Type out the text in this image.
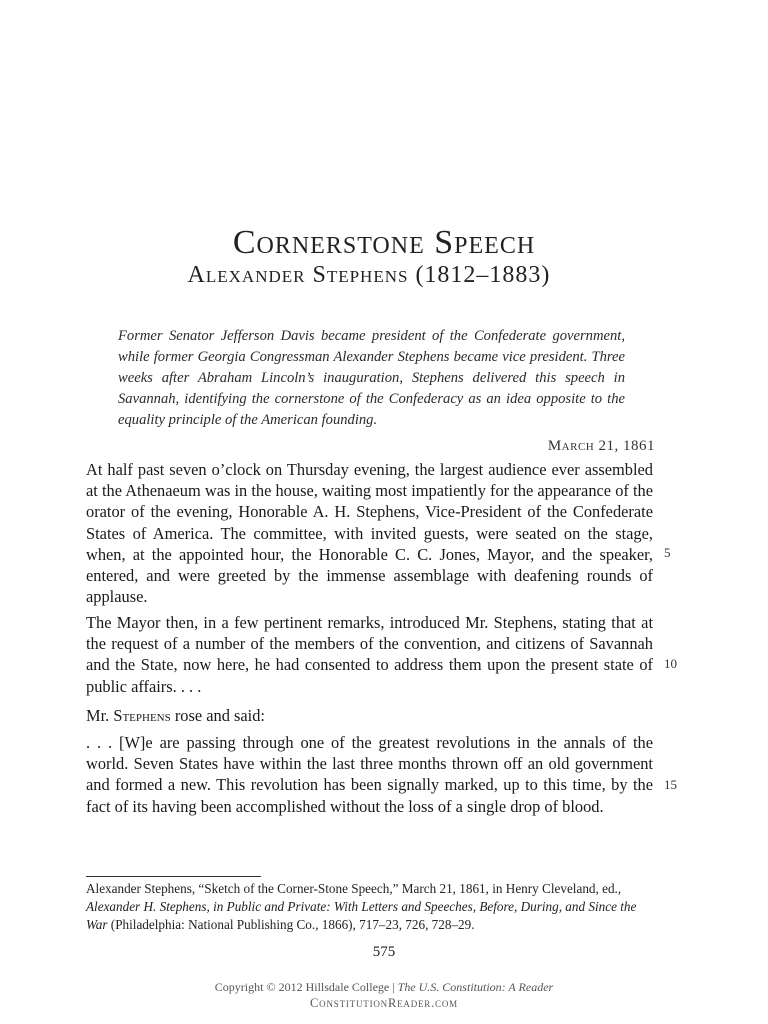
Cornerstone Speech
Alexander Stephens (1812–1883)

Former Senator Jefferson Davis became president of the Confederate government, while former Georgia Congressman Alexander Stephens became vice president. Three weeks after Abraham Lincoln’s inauguration, Stephens delivered this speech in Savannah, identifying the cornerstone of the Confederacy as an idea opposite to the equality principle of the American founding.

March 21, 1861

At half past seven o’clock on Thursday evening, the largest audience ever assembled at the Athenaeum was in the house, waiting most impatiently for the appearance of the orator of the evening, Honorable A. H. Stephens, Vice-President of the Confederate States of America. The committee, with invited guests, were seated on the stage, when, at the appointed hour, the Honorable C. C. Jones, Mayor, and the speaker, entered, and were greeted by the immense assemblage with deafening rounds of applause.

The Mayor then, in a few pertinent remarks, introduced Mr. Stephens, stating that at the request of a number of the members of the convention, and citizens of Savannah and the State, now here, he had consented to address them upon the present state of public affairs. . . .

Mr. Stephens rose and said:

. . . [W]e are passing through one of the greatest revolutions in the annals of the world. Seven States have within the last three months thrown off an old government and formed a new. This revolution has been signally marked, up to this time, by the fact of its having been accomplished without the loss of a single drop of blood.

5
10
15

Alexander Stephens, “Sketch of the Corner-Stone Speech,” March 21, 1861, in Henry Cleveland, ed., Alexander H. Stephens, in Public and Private: With Letters and Speeches, Before, During, and Since the War (Philadelphia: National Publishing Co., 1866), 717–23, 726, 728–29.

575
Copyright © 2012 Hillsdale College | The U.S. Constitution: A Reader
ConstitutionReader.com
